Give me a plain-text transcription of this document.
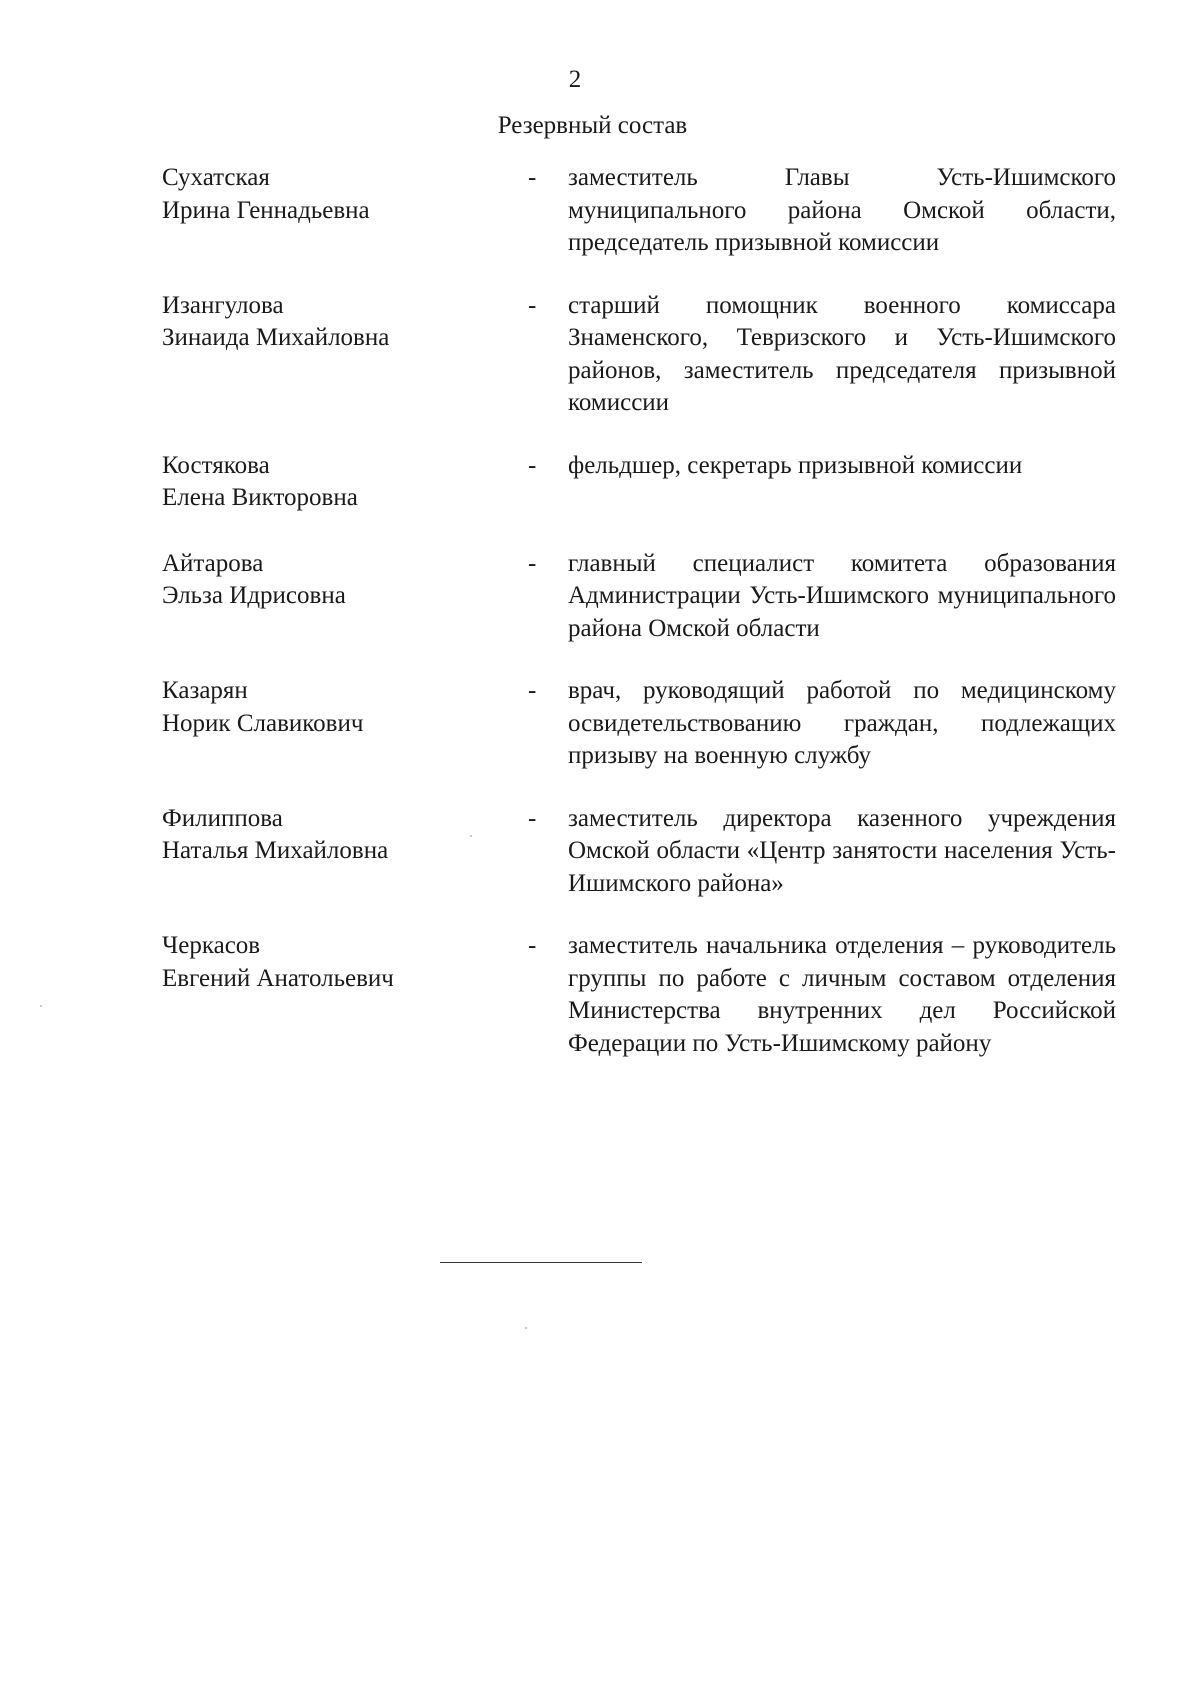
2
Резервный состав
Сухатская
Ирина Геннадьевна
- заместитель Главы Усть-Ишимского муниципального района Омской области, председатель призывной комиссии
Изангулова
Зинаида Михайловна
- старший помощник военного комиссара Знаменского, Тевризского и Усть-Ишимского районов, заместитель председателя призывной комиссии
Костякова
Елена Викторовна
- фельдшер, секретарь призывной комиссии
Айтарова
Эльза Идрисовна
- главный специалист комитета образования Администрации Усть-Ишимского муниципального района Омской области
Казарян
Норик Славикович
- врач, руководящий работой по медицинскому освидетельствованию граждан, подлежащих призыву на военную службу
Филиппова
Наталья Михайловна
- заместитель директора казенного учреждения Омской области «Центр занятости населения Усть-Ишимского района»
Черкасов
Евгений Анатольевич
- заместитель начальника отделения – руководитель группы по работе с личным составом отделения Министерства внутренних дел Российской Федерации по Усть-Ишимскому району
